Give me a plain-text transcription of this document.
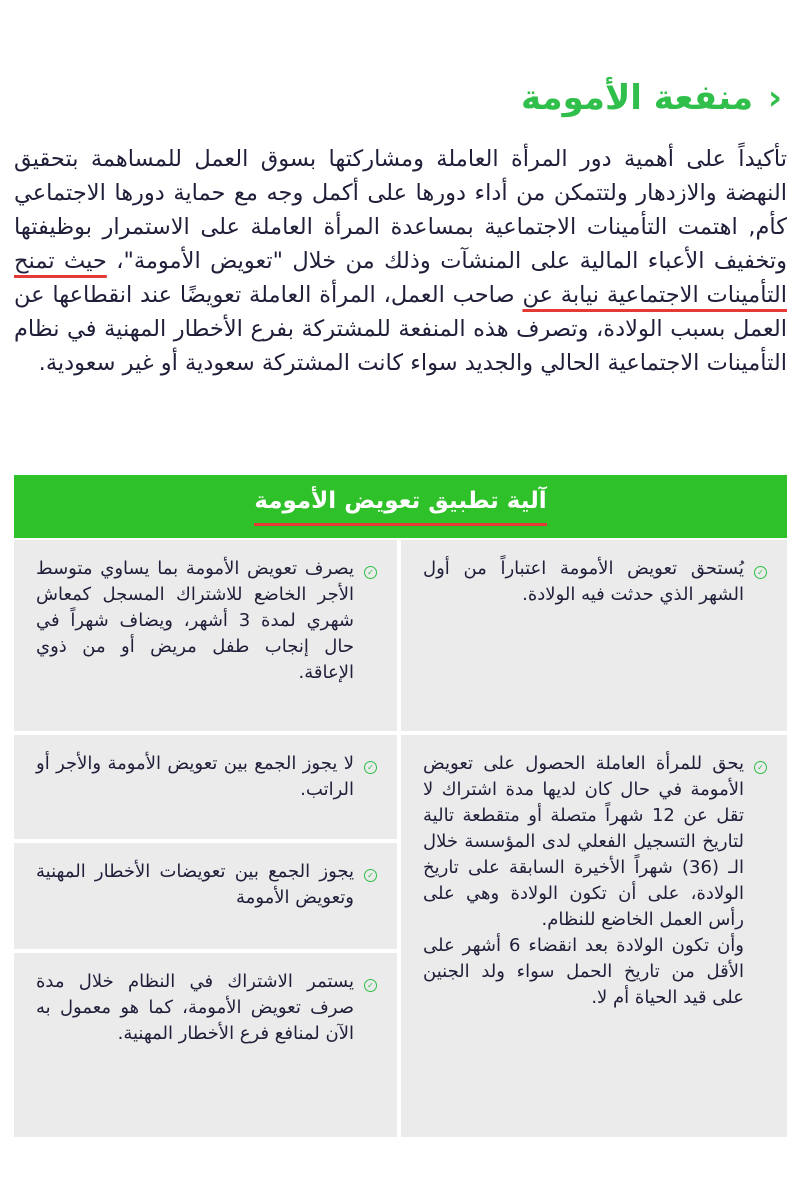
‹
منفعة الأمومة
تأكيداً على أهمية دور المرأة العاملة ومشاركتها بسوق العمل للمساهمة بتحقيق النهضة والازدهار ولتتمكن من أداء دورها على أكمل وجه مع حماية دورها الاجتماعي كأم, اهتمت التأمينات الاجتماعية بمساعدة المرأة العاملة على الاستمرار بوظيفتها وتخفيف الأعباء المالية على المنشآت وذلك من خلال "تعويض الأمومة"، حيث تمنح التأمينات الاجتماعية نيابة عن صاحب العمل، المرأة العاملة تعويضًا عند انقطاعها عن العمل بسبب الولادة، وتصرف هذه المنفعة للمشتركة بفرع الأخطار المهنية في نظام التأمينات الاجتماعية الحالي والجديد سواء كانت المشتركة سعودية أو غير سعودية.
آلية تطبيق تعويض الأمومة
✓
يُستحق تعويض الأمومة اعتباراً من أول الشهر الذي حدثت فيه الولادة.
✓
يصرف تعويض الأمومة بما يساوي متوسط الأجر الخاضع للاشتراك المسجل كمعاش شهري لمدة 3 أشهر، ويضاف شهراً في حال إنجاب طفل مريض أو من ذوي الإعاقة.
✓

يحق للمرأة العاملة الحصول على تعويض الأمومة في حال كان لديها مدة اشتراك لا تقل عن 12 شهراً متصلة أو متقطعة تالية لتاريخ التسجيل الفعلي لدى المؤسسة خلال الـ (36) شهراً الأخيرة السابقة على تاريخ الولادة، على أن تكون الولادة وهي على رأس العمل الخاضع للنظام.

وأن تكون الولادة بعد انقضاء 6 أشهر على الأقل من تاريخ الحمل سواء ولد الجنين على قيد الحياة أم لا.

✓
لا يجوز الجمع بين تعويض الأمومة والأجر أو الراتب.
✓
يجوز الجمع بين تعويضات الأخطار المهنية وتعويض الأمومة
✓
يستمر الاشتراك في النظام خلال مدة صرف تعويض الأمومة، كما هو معمول به الآن لمنافع فرع الأخطار المهنية.
